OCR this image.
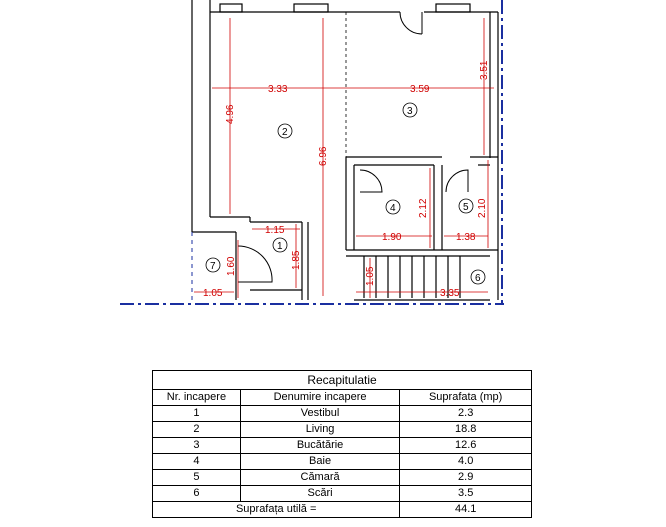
3.33	3.59
3.51
4.96
6.96
2.12	2.10
1.90	1.38
1.15
1.85
1.60
1.05
1.05
3.35
1
2
3
4	5
6
7
Recapitulatie
Nr. incapere	Denumire incapere	Suprafata (mp)
1	Vestibul	2.3
2	Living	18.8
3	Bucătărie	12.6
4	Baie	4.0
5	Cămară	2.9
6	Scări	3.5
Suprafața utilă =		44.1
